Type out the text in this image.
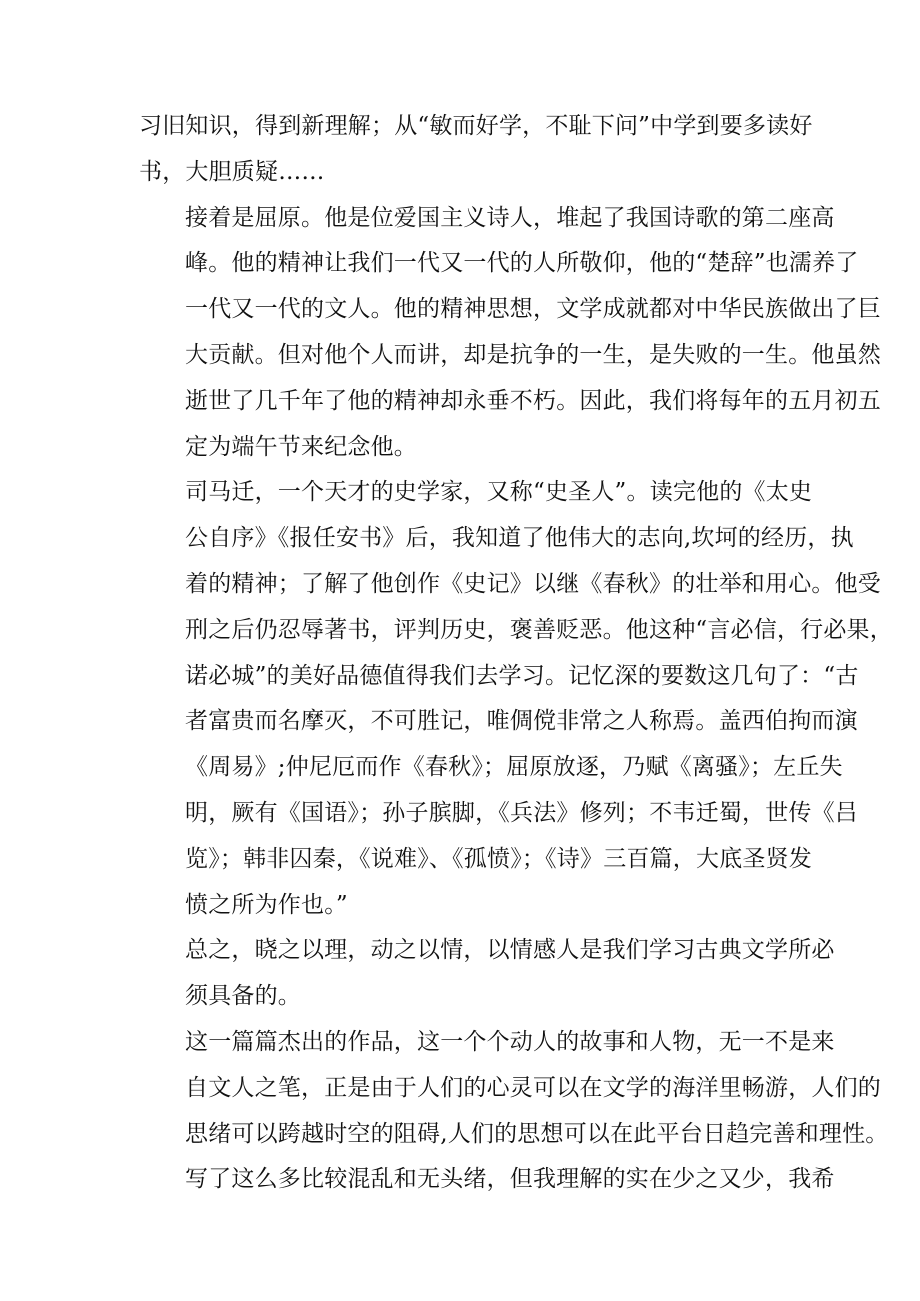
习旧知识，得到新理解；从“敏而好学，不耻下问”中学到要多读好
书，大胆质疑……

接着是屈原。他是位爱国主义诗人，堆起了我国诗歌的第二座高
峰。他的精神让我们一代又一代的人所敬仰，他的“楚辞”也濡养了
一代又一代的文人。他的精神思想，文学成就都对中华民族做出了巨
大贡献。但对他个人而讲，却是抗争的一生，是失败的一生。他虽然
逝世了几千年了他的精神却永垂不朽。因此，我们将每年的五月初五
定为端午节来纪念他。

司马迁，一个天才的史学家，又称“史圣人”。读完他的《太史
公自序》《报任安书》后，我知道了他伟大的志向,坎坷的经历，执
着的精神；了解了他创作《史记》以继《春秋》的壮举和用心。他受
刑之后仍忍辱著书，评判历史，褒善贬恶。他这种“言必信，行必果，
诺必城”的美好品德值得我们去学习。记忆深的要数这几句了：“古
者富贵而名摩灭，不可胜记，唯倜傥非常之人称焉。盖西伯拘而演
《周易》;仲尼厄而作《春秋》；屈原放逐，乃赋《离骚》；左丘失
明，厥有《国语》；孙子膑脚，《兵法》修列；不韦迁蜀，世传《吕
览》；韩非囚秦，《说难》、《孤愤》；《诗》三百篇，大底圣贤发
愤之所为作也。”

总之，晓之以理，动之以情，以情感人是我们学习古典文学所必
须具备的。

这一篇篇杰出的作品，这一个个动人的故事和人物，无一不是来
自文人之笔，正是由于人们的心灵可以在文学的海洋里畅游，人们的
思绪可以跨越时空的阻碍,人们的思想可以在此平台日趋完善和理性。

写了这么多比较混乱和无头绪，但我理解的实在少之又少，我希
